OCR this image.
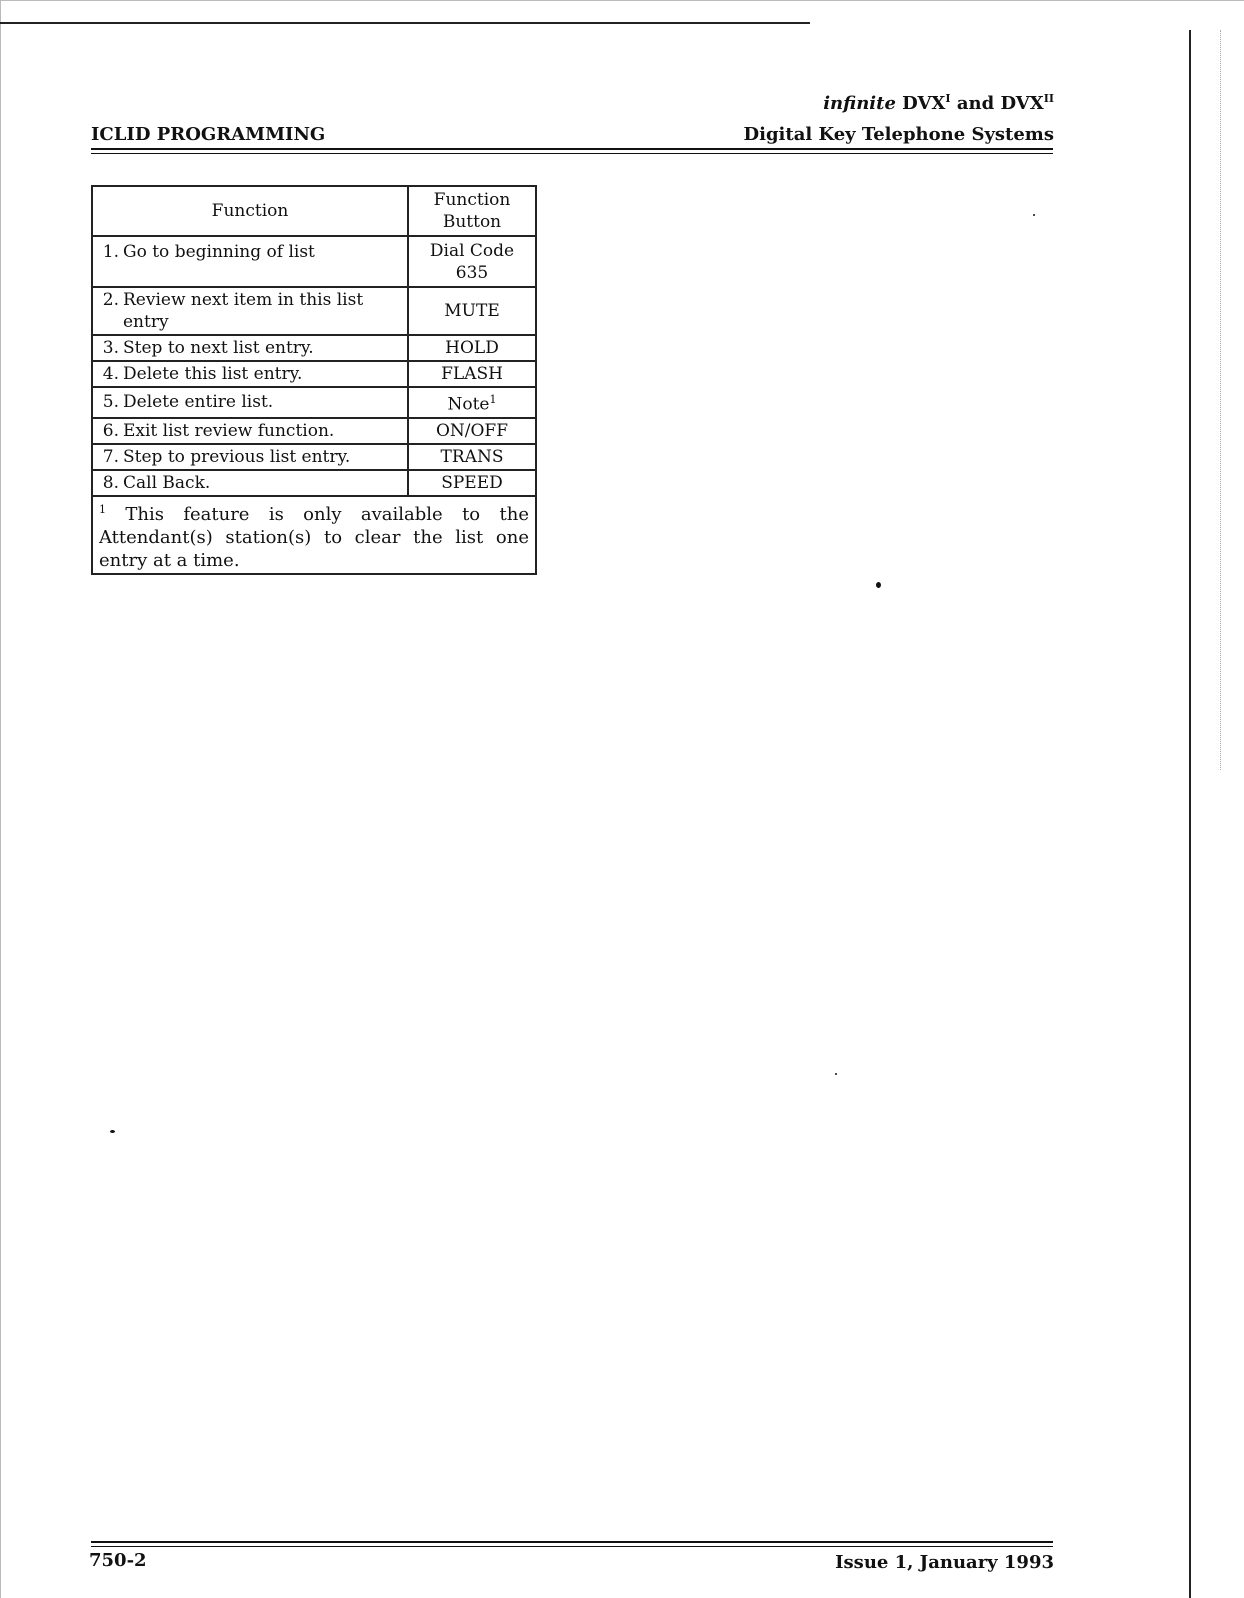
infinite $DVX^I$ and $DVX^{II}$
Digital Key Telephone Systems
ICLID PROGRAMMING
Function	Function Button
1. Go to beginning of list	Dial Code 635
2. Review next item in this list entry	MUTE
3. Step to next list entry.	HOLD
4. Delete this list entry.	FLASH
5. Delete entire list.	Note$^1$
6. Exit list review function.	ON/OFF
7. Step to previous list entry.	TRANS
8. Call Back.	SPEED
$^1$ This feature is only available to the Attendant(s) station(s) to clear the list one entry at a time.	
750-2	Issue 1, January 1993
